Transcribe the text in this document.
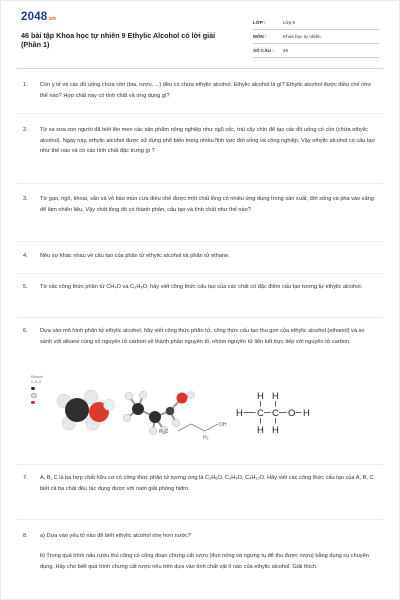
2048.vn
46 bài tập Khoa học tự nhiên 9 Ethylic Alcohol có lời giải (Phần 1)
LỚP :	Lớp 9
MÔN :	Khoa học tự nhiên
SỐ CÂU :	46
1. Cồn y tế và các đồ uống chứa cồn (bia, rượu, ...) đều có chứa ethylic alcohol. Ethylic alcohol là gì? Ethylic alcohol được điều chế như thế nào? Hợp chất này có tính chất và ứng dụng gì?
2. Từ xa xưa con người đã biết lên men các sản phẩm nông nghiệp như ngũ cốc, trái cây chín để tạo các đồ uống có cồn (chứa ethylic alcohol). Ngày nay, ethylic alcohol được sử dụng phổ biến trong nhiều lĩnh vực đời sống và công nghiệp. Vậy ethylic alcohol có cấu tạo như thế nào và có các tính chất đặc trưng gì ?
3. Từ gạo, ngô, khoai, sắn và vỏ bào mùn cưa điều chế được một chất lỏng có nhiều ứng dụng trong sản xuất, đời sống và pha vào xăng để làm nhiên liệu. Vậy chất lỏng đó có thành phần, cấu tạo và tính chất như thế nào?
4. Nêu sự khác nhau về cấu tạo của phân tử ethylic alcohol và phân tử ethane.
5. Từ các công thức phân tử CH₄O và C₃H₈O, hãy viết công thức cấu tạo của các chất có đặc điểm cấu tạo tương tự ethylic alcohol.
6. Dựa vào mô hình phân tử ethylic alcohol, hãy viết công thức phân tử, công thức cấu tạo thu gọn của ethylic alcohol (ethanol) và so sánh với alkane cùng số nguyên tử carbon về thành phần nguyên tố, nhóm nguyên tử liên kết trực tiếp với nguyên tử carbon.
Ethanol
C₂H₅O
H₃C
OH
H₂
H H
H C C O H
H H
7. A, B, C là ba hợp chất hữu cơ có công thức phân tử tương ứng là C₂H₆O, C₃H₈O, C₄H₁₀O. Hãy viết các công thức cấu tạo của A, B, C biết cả ba chất đều tác dụng được với natri giải phóng hiđro.
8. a) Dựa vào yếu tố nào để biết ethylic alcohol nhẹ hơn nước?
b) Trong quá trình nấu rượu thủ công có công đoạn chưng cất rượu (đun nóng và ngưng tụ để thu được rượu) bằng dụng cụ chuyên dụng. Hãy cho biết quá trình chưng cất rượu nêu trên dựa vào tính chất vật lí nào của ethylic alcohol. Giải thích.
